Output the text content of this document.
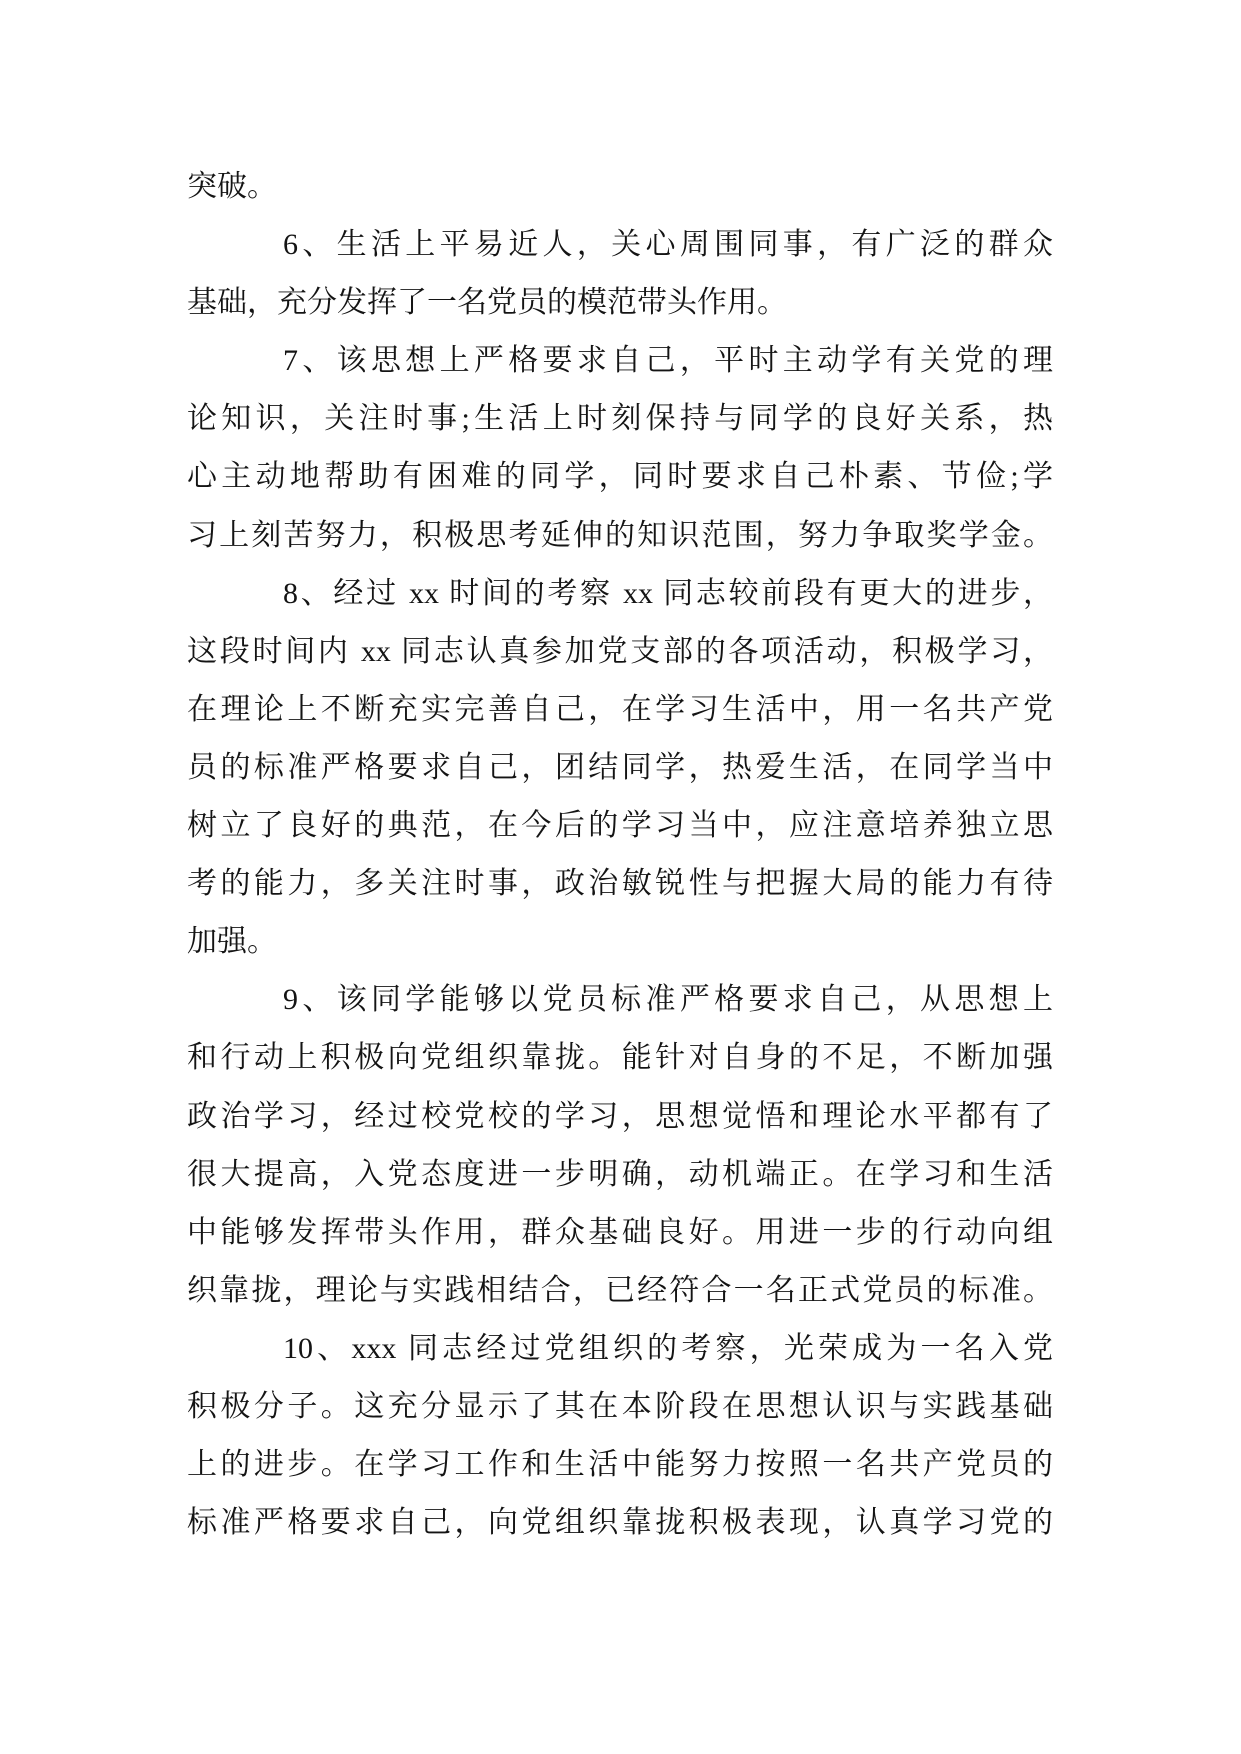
突破。
6、生活上平易近人，关心周围同事，有广泛的群众
基础，充分发挥了一名党员的模范带头作用。
7、该思想上严格要求自己，平时主动学有关党的理
论知识，关注时事;生活上时刻保持与同学的良好关系，热
心主动地帮助有困难的同学，同时要求自己朴素、节俭;学
习上刻苦努力，积极思考延伸的知识范围，努力争取奖学金。
8、经过 xx 时间的考察 xx 同志较前段有更大的进步，
这段时间内 xx 同志认真参加党支部的各项活动，积极学习，
在理论上不断充实完善自己，在学习生活中，用一名共产党
员的标准严格要求自己，团结同学，热爱生活，在同学当中
树立了良好的典范，在今后的学习当中，应注意培养独立思
考的能力，多关注时事，政治敏锐性与把握大局的能力有待
加强。
9、该同学能够以党员标准严格要求自己，从思想上
和行动上积极向党组织靠拢。能针对自身的不足，不断加强
政治学习，经过校党校的学习，思想觉悟和理论水平都有了
很大提高，入党态度进一步明确，动机端正。在学习和生活
中能够发挥带头作用，群众基础良好。用进一步的行动向组
织靠拢，理论与实践相结合，已经符合一名正式党员的标准。
10、xxx 同志经过党组织的考察，光荣成为一名入党
积极分子。这充分显示了其在本阶段在思想认识与实践基础
上的进步。在学习工作和生活中能努力按照一名共产党员的
标准严格要求自己，向党组织靠拢积极表现，认真学习党的
